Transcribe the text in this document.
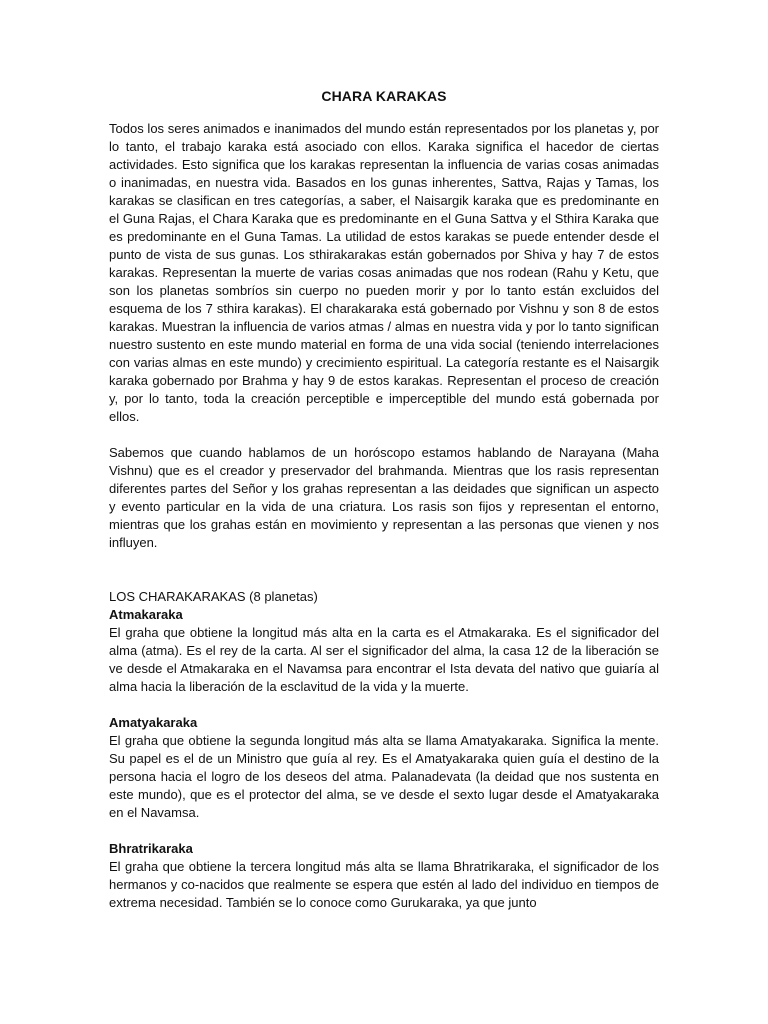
CHARA KARAKAS

Todos los seres animados e inanimados del mundo están representados por los planetas y, por lo tanto, el trabajo karaka está asociado con ellos. Karaka significa el hacedor de ciertas actividades. Esto significa que los karakas representan la influencia de varias cosas animadas o inanimadas, en nuestra vida. Basados en los gunas inherentes, Sattva, Rajas y Tamas, los karakas se clasifican en tres categorías, a saber, el Naisargik karaka que es predominante en el Guna Rajas, el Chara Karaka que es predominante en el Guna Sattva y el Sthira Karaka que es predominante en el Guna Tamas. La utilidad de estos karakas se puede entender desde el punto de vista de sus gunas. Los sthirakarakas están gobernados por Shiva y hay 7 de estos karakas. Representan la muerte de varias cosas animadas que nos rodean (Rahu y Ketu, que son los planetas sombríos sin cuerpo no pueden morir y por lo tanto están excluidos del esquema de los 7 sthira karakas). El charakaraka está gobernado por Vishnu y son 8 de estos karakas. Muestran la influencia de varios atmas / almas en nuestra vida y por lo tanto significan nuestro sustento en este mundo material en forma de una vida social (teniendo interrelaciones con varias almas en este mundo) y crecimiento espiritual. La categoría restante es el Naisargik karaka gobernado por Brahma y hay 9 de estos karakas. Representan el proceso de creación y, por lo tanto, toda la creación perceptible e imperceptible del mundo está gobernada por ellos.

Sabemos que cuando hablamos de un horóscopo estamos hablando de Narayana (Maha Vishnu) que es el creador y preservador del brahmanda. Mientras que los rasis representan diferentes partes del Señor y los grahas representan a las deidades que significan un aspecto y evento particular en la vida de una criatura. Los rasis son fijos y representan el entorno, mientras que los grahas están en movimiento y representan a las personas que vienen y nos influyen.

LOS CHARAKARAKAS (8 planetas)

Atmakaraka

El graha que obtiene la longitud más alta en la carta es el Atmakaraka. Es el significador del alma (atma). Es el rey de la carta. Al ser el significador del alma, la casa 12 de la liberación se ve desde el Atmakaraka en el Navamsa para encontrar el Ista devata del nativo que guiaría al alma hacia la liberación de la esclavitud de la vida y la muerte.

Amatyakaraka

El graha que obtiene la segunda longitud más alta se llama Amatyakaraka. Significa la mente. Su papel es el de un Ministro que guía al rey. Es el Amatyakaraka quien guía el destino de la persona hacia el logro de los deseos del atma. Palanadevata (la deidad que nos sustenta en este mundo), que es el protector del alma, se ve desde el sexto lugar desde el Amatyakaraka en el Navamsa.

Bhratrikaraka

El graha que obtiene la tercera longitud más alta se llama Bhratrikaraka, el significador de los hermanos y co-nacidos que realmente se espera que estén al lado del individuo en tiempos de extrema necesidad. También se lo conoce como Gurukaraka, ya que junto
